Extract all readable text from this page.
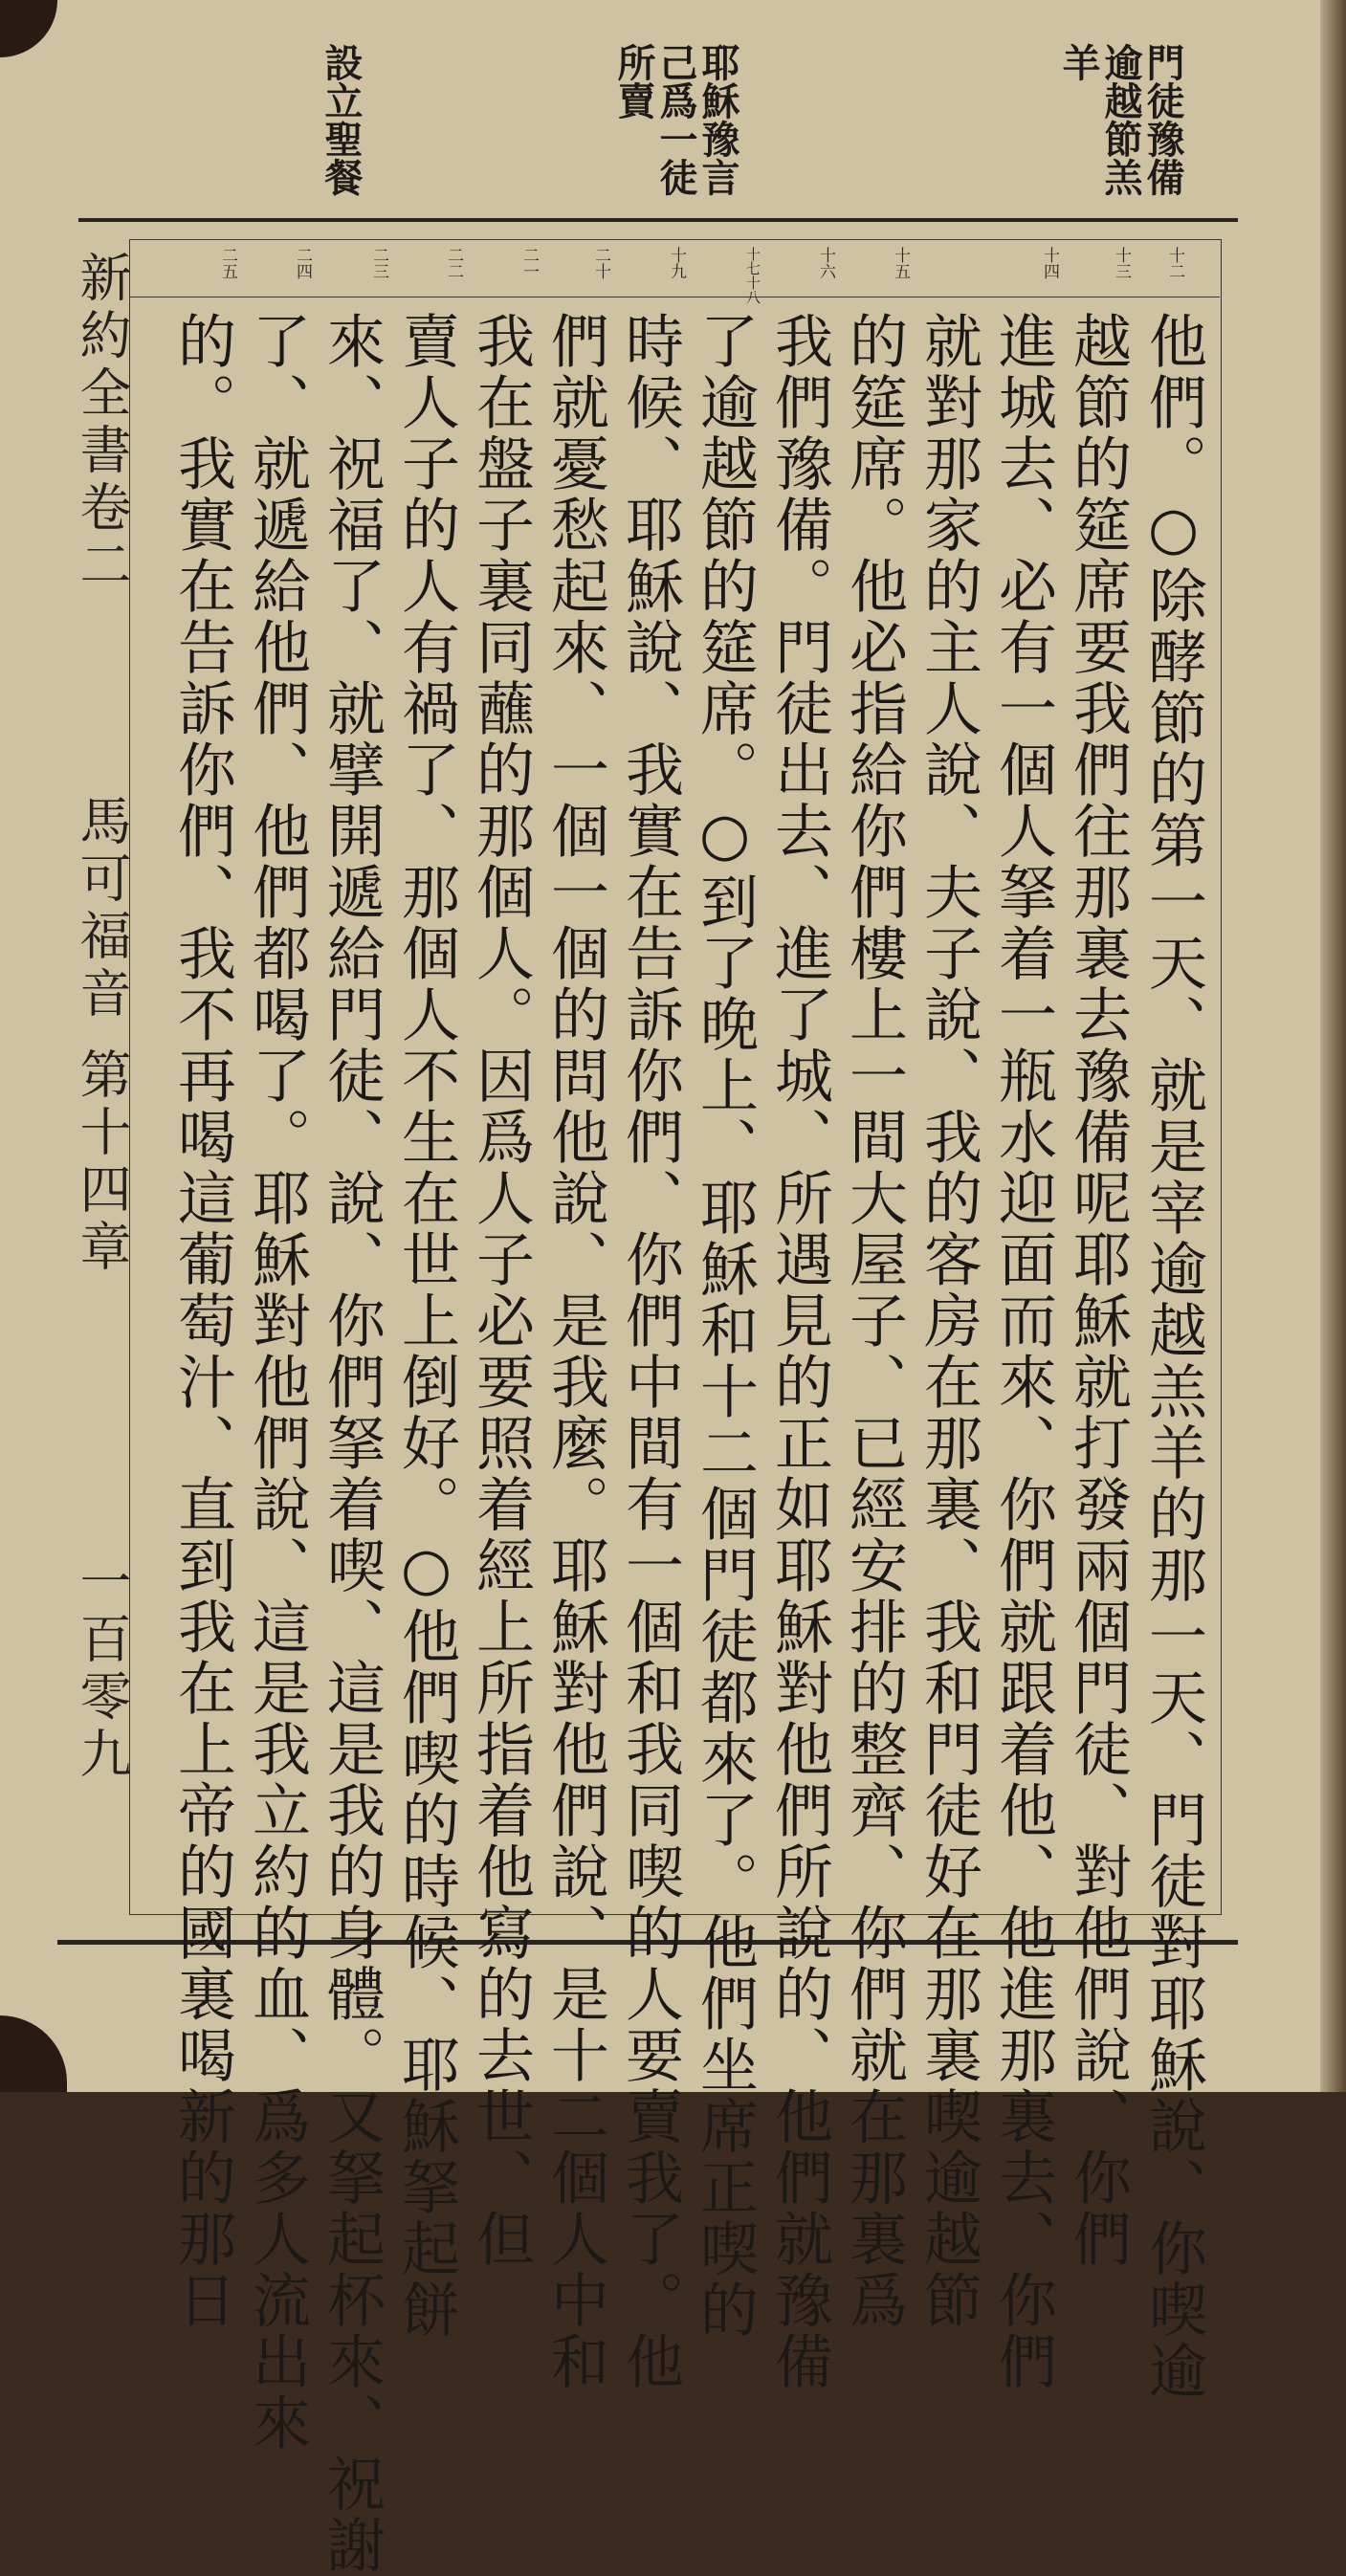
門徒豫備逾越節羔羊
耶穌豫言己爲一徒所賣
設立聖餐
十二
十三
十四
十五
十六
十七十八
十九
二十
二一
二二
二三
二四
二五
他們。○除酵節的第一天、就是宰逾越羔羊的那一天、門徒對耶穌說、你喫逾
越節的筵席要我們往那裏去豫備呢耶穌就打發兩個門徒、對他們說、你們
進城去、必有一個人拏着一瓶水迎面而來、你們就跟着他、他進那裏去、你們
就對那家的主人說、夫子說、我的客房在那裏、我和門徒好在那裏喫逾越節
的筵席。他必指給你們樓上一間大屋子、已經安排的整齊、你們就在那裏爲
我們豫備。門徒出去、進了城、所遇見的正如耶穌對他們所說的、他們就豫備
了逾越節的筵席。○到了晚上、耶穌和十二個門徒都來了。他們坐席正喫的
時候、耶穌說、我實在告訴你們、你們中間有一個和我同喫的人要賣我了。他
們就憂愁起來、一個一個的問他說、是我麼。耶穌對他們說、是十二個人中和
我在盤子裏同蘸的那個人。因爲人子必要照着經上所指着他寫的去世、但
賣人子的人有禍了、那個人不生在世上倒好。○他們喫的時候、耶穌拏起餅
來、祝福了、就擘開遞給門徒、說、你們拏着喫、這是我的身體。又拏起杯來、祝謝
了、就遞給他們、他們都喝了。耶穌對他們說、這是我立約的血、爲多人流出來
的。我實在告訴你們、我不再喝這葡萄汁、直到我在上帝的國裏喝新的那日
新約全書卷二
馬可福音
第十四章
一百零九
